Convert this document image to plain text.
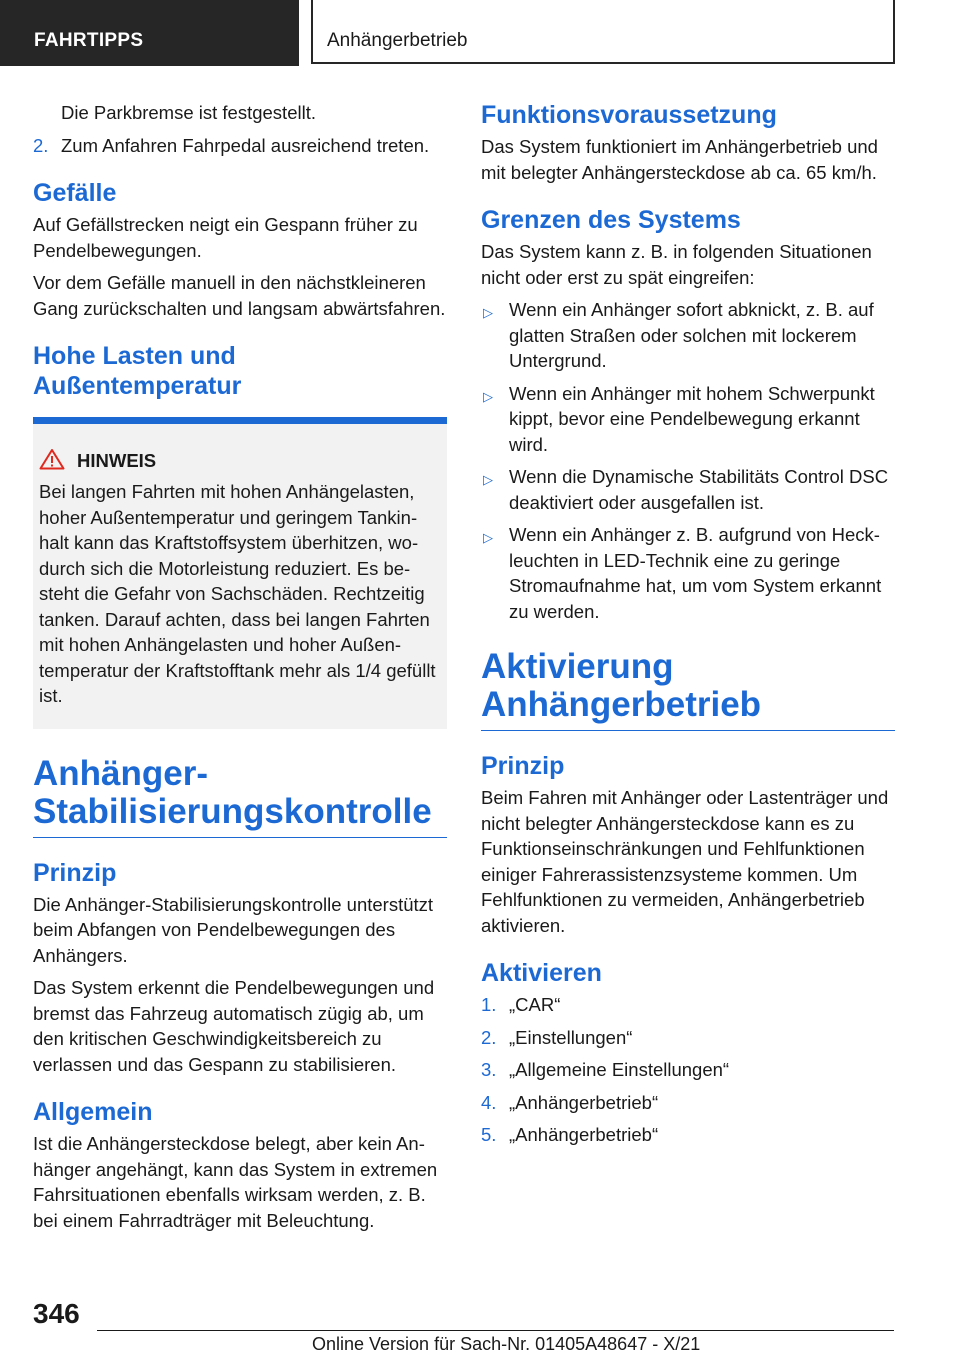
FAHRTIPPS	Anhängerbetrieb

Die Parkbremse ist festgestellt.

2. Zum Anfahren Fahrpedal ausreichend treten.
Gefälle

Auf Gefällstrecken neigt ein Gespann früher zu Pendelbewegungen.

Vor dem Gefälle manuell in den nächstkleineren Gang zurückschalten und langsam abwärtsfahren.

Hohe Lasten und Außentemperatur
HINWEIS

Bei langen Fahrten mit hohen Anhängelasten, hoher Außentemperatur und geringem Tankinhalt kann das Kraftstoffsystem überhitzen, wodurch sich die Motorleistung reduziert. Es besteht die Gefahr von Sachschäden. Rechtzeitig tanken. Darauf achten, dass bei langen Fahrten mit hohen Anhängelasten und hoher Außentemperatur der Kraftstofftank mehr als 1/4 gefüllt ist.

Anhänger-Stabilisierungskontrolle
Prinzip

Die Anhänger-Stabilisierungskontrolle unterstützt beim Abfangen von Pendelbewegungen des Anhängers.

Das System erkennt die Pendelbewegungen und bremst das Fahrzeug automatisch zügig ab, um den kritischen Geschwindigkeitsbereich zu verlassen und das Gespann zu stabilisieren.

Allgemein

Ist die Anhängersteckdose belegt, aber kein Anhänger angehängt, kann das System in extremen Fahrsituationen ebenfalls wirksam werden, z. B. bei einem Fahrradträger mit Beleuchtung.

Funktionsvoraussetzung

Das System funktioniert im Anhängerbetrieb und mit belegter Anhängersteckdose ab ca. 65 km/h.

Grenzen des Systems

Das System kann z. B. in folgenden Situationen nicht oder erst zu spät eingreifen:

▷ Wenn ein Anhänger sofort abknickt, z. B. auf glatten Straßen oder solchen mit lockerem Untergrund.
▷ Wenn ein Anhänger mit hohem Schwerpunkt kippt, bevor eine Pendelbewegung erkannt wird.
▷ Wenn die Dynamische Stabilitäts Control DSC deaktiviert oder ausgefallen ist.
▷ Wenn ein Anhänger z. B. aufgrund von Heckleuchten in LED-Technik eine zu geringe Stromaufnahme hat, um vom System erkannt zu werden.
Aktivierung Anhängerbetrieb
Prinzip

Beim Fahren mit Anhänger oder Lastenträger und nicht belegter Anhängersteckdose kann es zu Funktionseinschränkungen und Fehlfunktionen einiger Fahrerassistenzsysteme kommen. Um Fehlfunktionen zu vermeiden, Anhängerbetrieb aktivieren.

Aktivieren
1. „CAR“
2. „Einstellungen“
3. „Allgemeine Einstellungen“
4. „Anhängerbetrieb“
5. „Anhängerbetrieb“
346
Online Version für Sach-Nr. 01405A48647 - X/21
